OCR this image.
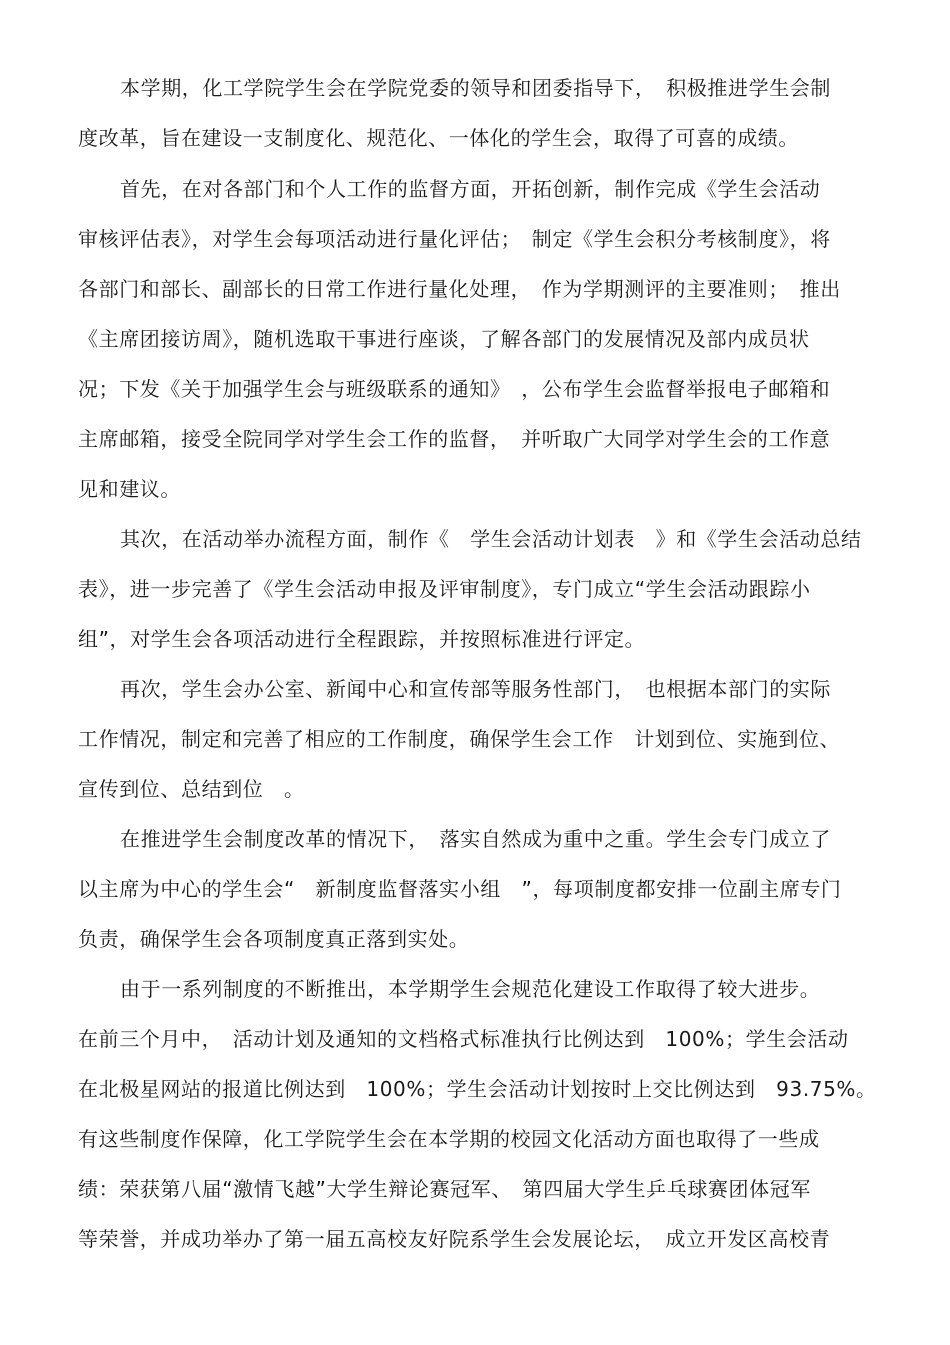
本学期，化工学院学生会在学院党委的领导和团委指导下，　积极推进学生会制
度改革，旨在建设一支制度化、规范化、一体化的学生会，取得了可喜的成绩。
首先，在对各部门和个人工作的监督方面，开拓创新，制作完成《学生会活动
审核评估表》，对学生会每项活动进行量化评估；　制定《学生会积分考核制度》，将
各部门和部长、副部长的日常工作进行量化处理，　作为学期测评的主要准则；　推出
《主席团接访周》，随机选取干事进行座谈，了解各部门的发展情况及部内成员状
况；下发《关于加强学生会与班级联系的通知》　，公布学生会监督举报电子邮箱和
主席邮箱，接受全院同学对学生会工作的监督，　并听取广大同学对学生会的工作意
见和建议。
其次，在活动举办流程方面，制作《　学生会活动计划表　》和《学生会活动总结
表》，进一步完善了《学生会活动申报及评审制度》，专门成立“学生会活动跟踪小
组”，对学生会各项活动进行全程跟踪，并按照标准进行评定。
再次，学生会办公室、新闻中心和宣传部等服务性部门，　也根据本部门的实际
工作情况，制定和完善了相应的工作制度，确保学生会工作　计划到位、实施到位、
宣传到位、总结到位　。
在推进学生会制度改革的情况下，　落实自然成为重中之重。学生会专门成立了
以主席为中心的学生会“　新制度监督落实小组　”，每项制度都安排一位副主席专门
负责，确保学生会各项制度真正落到实处。
由于一系列制度的不断推出，本学期学生会规范化建设工作取得了较大进步。
在前三个月中，　活动计划及通知的文档格式标准执行比例达到　100%；学生会活动
在北极星网站的报道比例达到　100%；学生会活动计划按时上交比例达到　93.75%。
有这些制度作保障，化工学院学生会在本学期的校园文化活动方面也取得了一些成
绩：荣获第八届“激情飞越”大学生辩论赛冠军、　第四届大学生乒乓球赛团体冠军
等荣誉，并成功举办了第一届五高校友好院系学生会发展论坛，　成立开发区高校青
